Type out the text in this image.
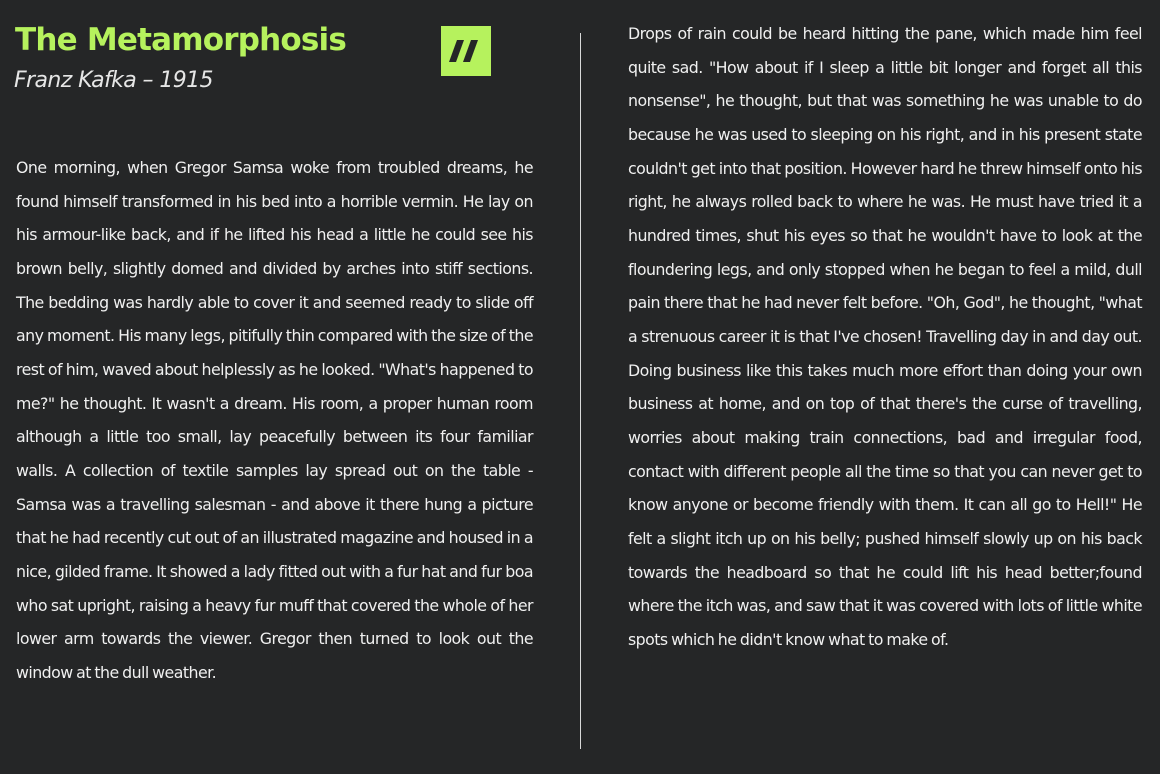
The Metamorphosis
Franz Kafka – 1915

One morning, when Gregor Samsa woke from troubled dreams, he found himself transformed in his bed into a horrible vermin. He lay on his armour-like back, and if he lifted his head a little he could see his brown belly, slightly domed and divided by arches into stiff sections. The bedding was hardly able to cover it and seemed ready to slide off any moment. His many legs, pitifully thin compared with the size of the rest of him, waved about helplessly as he looked. "What's happened to me?" he thought. It wasn't a dream. His room, a proper human room although a little too small, lay peacefully between its four familiar walls. A collection of textile samples lay spread out on the table - Samsa was a travelling salesman - and above it there hung a picture that he had recently cut out of an illustrated magazine and housed in a nice, gilded frame. It showed a lady fitted out with a fur hat and fur boa who sat upright, raising a heavy fur muff that covered the whole of her lower arm towards the viewer. Gregor then turned to look out the window at the dull weather.

Drops of rain could be heard hitting the pane, which made him feel quite sad. "How about if I sleep a little bit longer and forget all this nonsense", he thought, but that was something he was unable to do because he was used to sleeping on his right, and in his present state couldn't get into that position. However hard he threw himself onto his right, he always rolled back to where he was. He must have tried it a hundred times, shut his eyes so that he wouldn't have to look at the floundering legs, and only stopped when he began to feel a mild, dull pain there that he had never felt before. "Oh, God", he thought, "what a strenuous career it is that I've chosen! Travelling day in and day out. Doing business like this takes much more effort than doing your own business at home, and on top of that there's the curse of travelling, worries about making train connections, bad and irregular food, contact with different people all the time so that you can never get to know anyone or become friendly with them. It can all go to Hell!" He felt a slight itch up on his belly; pushed himself slowly up on his back towards the headboard so that he could lift his head better;found where the itch was, and saw that it was covered with lots of little white spots which he didn't know what to make of.
